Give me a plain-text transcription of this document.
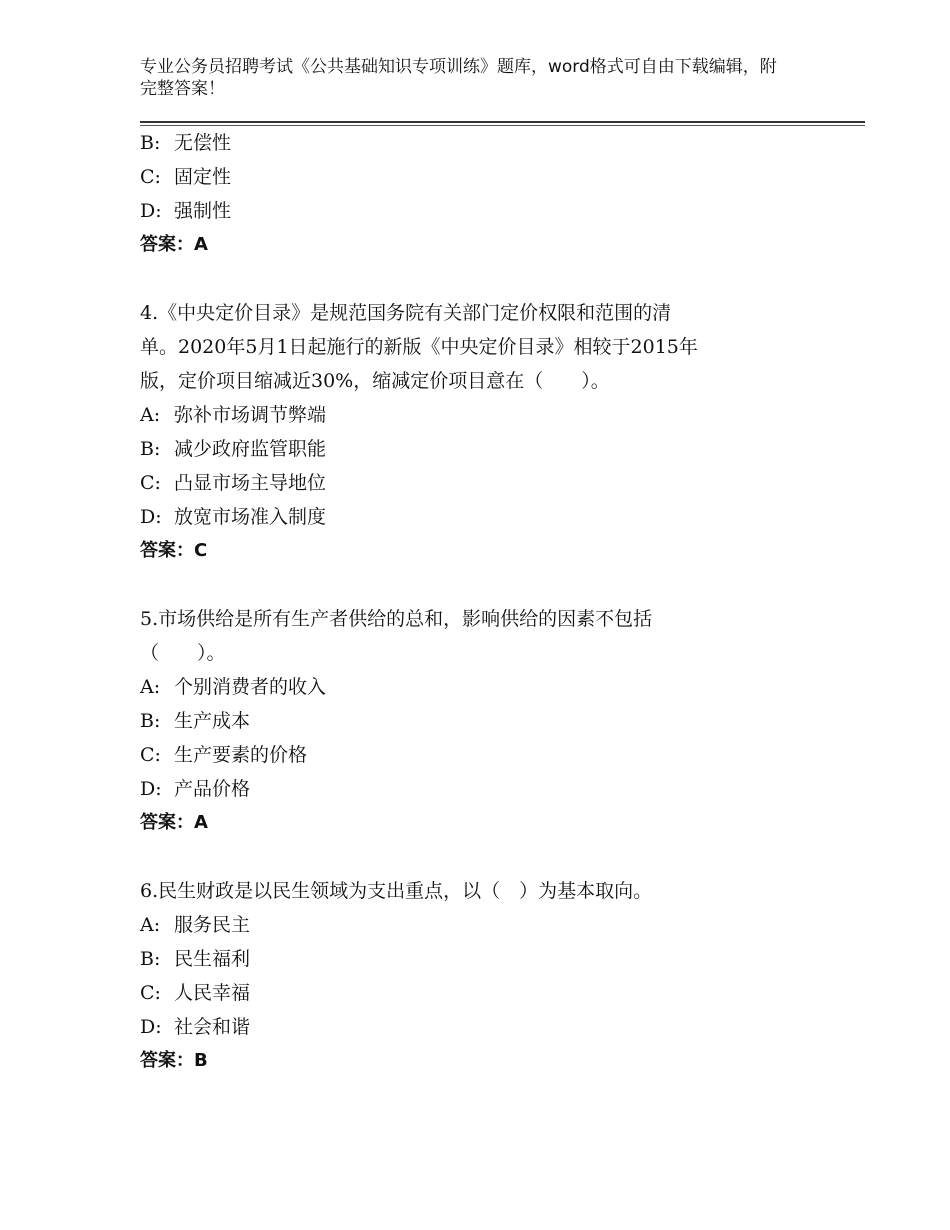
专业公务员招聘考试《公共基础知识专项训练》题库，word格式可自由下载编辑，附完整答案！
B: 无偿性
C: 固定性
D: 强制性
答案：A
4.《中央定价目录》是规范国务院有关部门定价权限和范围的清
单。2020年5月1日起施行的新版《中央定价目录》相较于2015年
版，定价项目缩减近30%，缩减定价项目意在（　　）。
A: 弥补市场调节弊端
B: 减少政府监管职能
C: 凸显市场主导地位
D: 放宽市场准入制度
答案：C
5.市场供给是所有生产者供给的总和，影响供给的因素不包括
（　　）。
A: 个别消费者的收入
B: 生产成本
C: 生产要素的价格
D: 产品价格
答案：A
6.民生财政是以民生领域为支出重点，以（　）为基本取向。
A: 服务民主
B: 民生福利
C: 人民幸福
D: 社会和谐
答案：B
